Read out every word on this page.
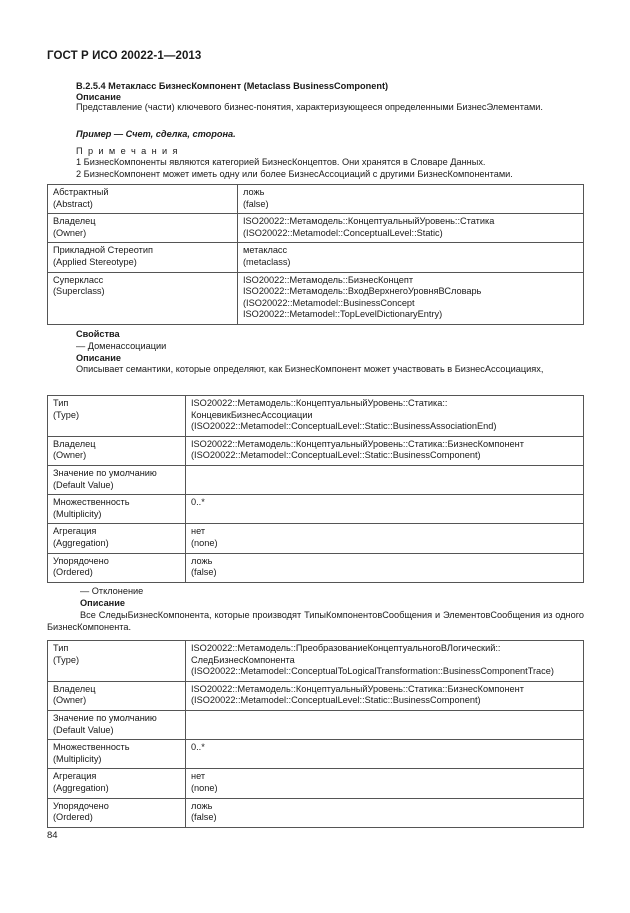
ГОСТ Р ИСО 20022-1—2013
B.2.5.4 Метакласс БизнесКомпонент (Metaclass BusinessComponent)
Описание
Представление (части) ключевого бизнес-понятия, характеризующееся определенными БизнесЭлементами.
Пример — Счет, сделка, сторона.
П р и м е ч а н и я
1 БизнесКомпоненты являются категорией БизнесКонцептов. Они хранятся в Словаре Данных.
2 БизнесКомпонент может иметь одну или более БизнесАссоциаций с другими БизнесКомпонентами.
Абстрактный
(Abstract)	ложь
(false)

Владелец
(Owner)	ISO20022::Метамодель::КонцептуальныйУровень::Статика
(ISO20022::Metamodel::ConceptualLevel::Static)

Прикладной Стереотип
(Applied Stereotype)	метакласс
(metaclass)

Суперкласс
(Superclass)	ISO20022::Метамодель::БизнесКонцепт
ISO20022::Метамодель::ВходВерхнегоУровняВСловарь
(ISO20022::Metamodel::BusinessConcept
ISO20022::Metamodel::TopLevelDictionaryEntry)
Свойства
— Доменассоциации
Описание
Описывает семантики, которые определяют, как БизнесКомпонент может участвовать в БизнесАссоциациях,
Тип
(Type)	ISO20022::Метамодель::КонцептуальныйУровень::Статика::
КонцевикБизнесАссоциации
(ISO20022::Metamodel::ConceptualLevel::Static::BusinessAssociationEnd)

Владелец
(Owner)	ISO20022::Метамодель::КонцептуальныйУровень::Статика::БизнесКомпонент
(ISO20022::Metamodel::ConceptualLevel::Static::BusinessComponent)

Значение по умолчанию
(Default Value)	

Множественность
(Multiplicity)	0..*

Агрегация
(Aggregation)	нет
(none)

Упорядочено
(Ordered)	ложь
(false)
— Отклонение
Описание
Все СледыБизнесКомпонента, которые производят ТипыКомпонентовСообщения и ЭлементовСообщения из одного БизнесКомпонента.
Тип
(Type)	ISO20022::Метамодель::ПреобразованиеКонцептуальногоВЛогический::
СледБизнесКомпонента
(ISO20022::Metamodel::ConceptualToLogicalTransformation::BusinessComponentTrace)

Владелец
(Owner)	ISO20022::Метамодель::КонцептуальныйУровень::Статика::БизнесКомпонент
(ISO20022::Metamodel::ConceptualLevel::Static::BusinessComponent)

Значение по умолчанию
(Default Value)	

Множественность
(Multiplicity)	0..*

Агрегация
(Aggregation)	нет
(none)

Упорядочено
(Ordered)	ложь
(false)
84
